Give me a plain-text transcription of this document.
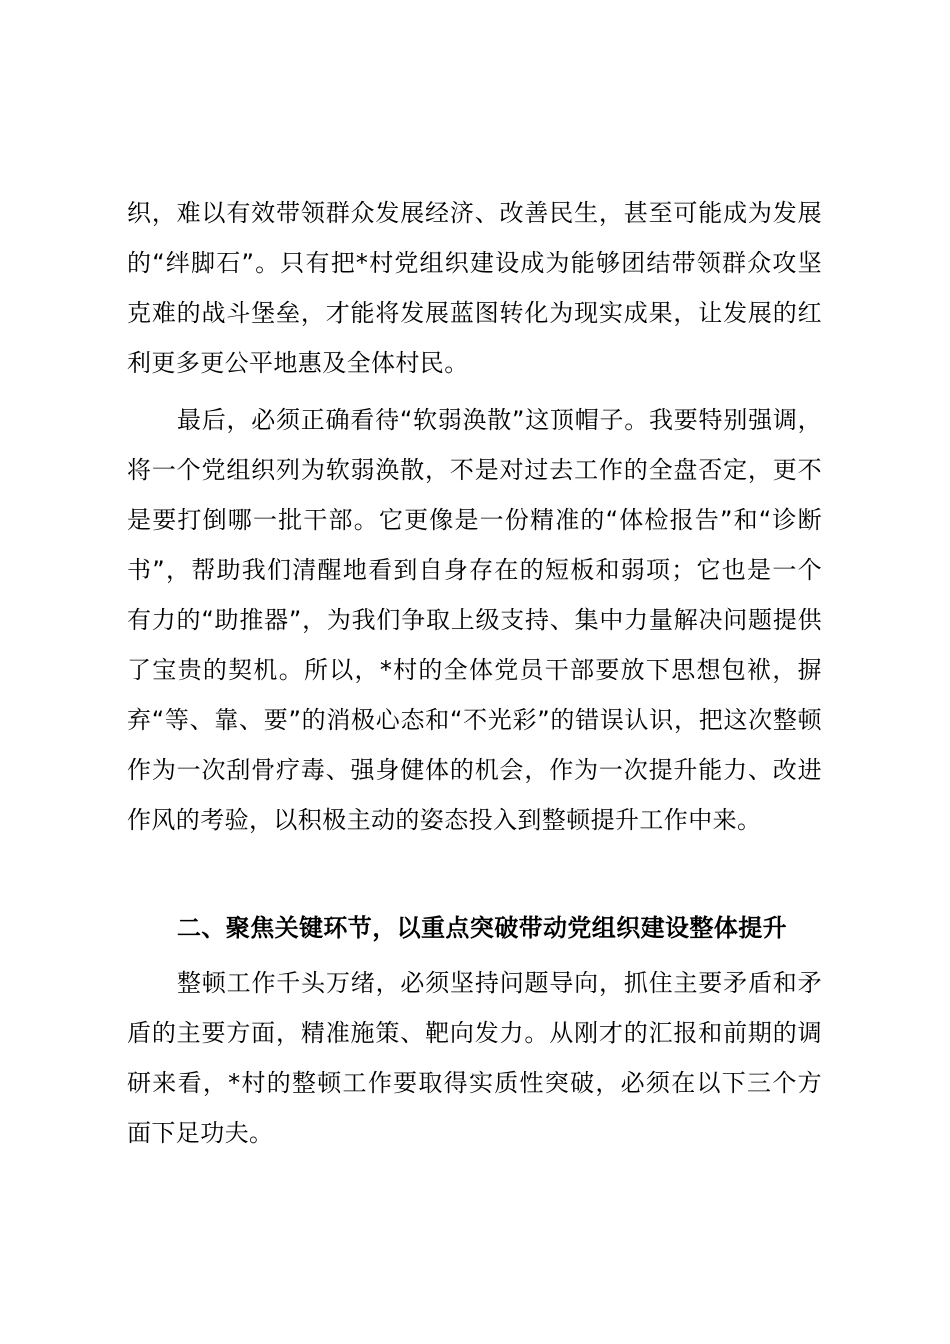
织，难以有效带领群众发展经济、改善民生，甚至可能成为发展的“绊脚石”。只有把*村党组织建设成为能够团结带领群众攻坚克难的战斗堡垒，才能将发展蓝图转化为现实成果，让发展的红利更多更公平地惠及全体村民。

最后，必须正确看待“软弱涣散”这顶帽子。我要特别强调，将一个党组织列为软弱涣散，不是对过去工作的全盘否定，更不是要打倒哪一批干部。它更像是一份精准的“体检报告”和“诊断书”，帮助我们清醒地看到自身存在的短板和弱项；它也是一个有力的“助推器”，为我们争取上级支持、集中力量解决问题提供了宝贵的契机。所以，*村的全体党员干部要放下思想包袱，摒弃“等、靠、要”的消极心态和“不光彩”的错误认识，把这次整顿作为一次刮骨疗毒、强身健体的机会，作为一次提升能力、改进作风的考验，以积极主动的姿态投入到整顿提升工作中来。

二、聚焦关键环节，以重点突破带动党组织建设整体提升

整顿工作千头万绪，必须坚持问题导向，抓住主要矛盾和矛盾的主要方面，精准施策、靶向发力。从刚才的汇报和前期的调研来看，*村的整顿工作要取得实质性突破，必须在以下三个方面下足功夫。
